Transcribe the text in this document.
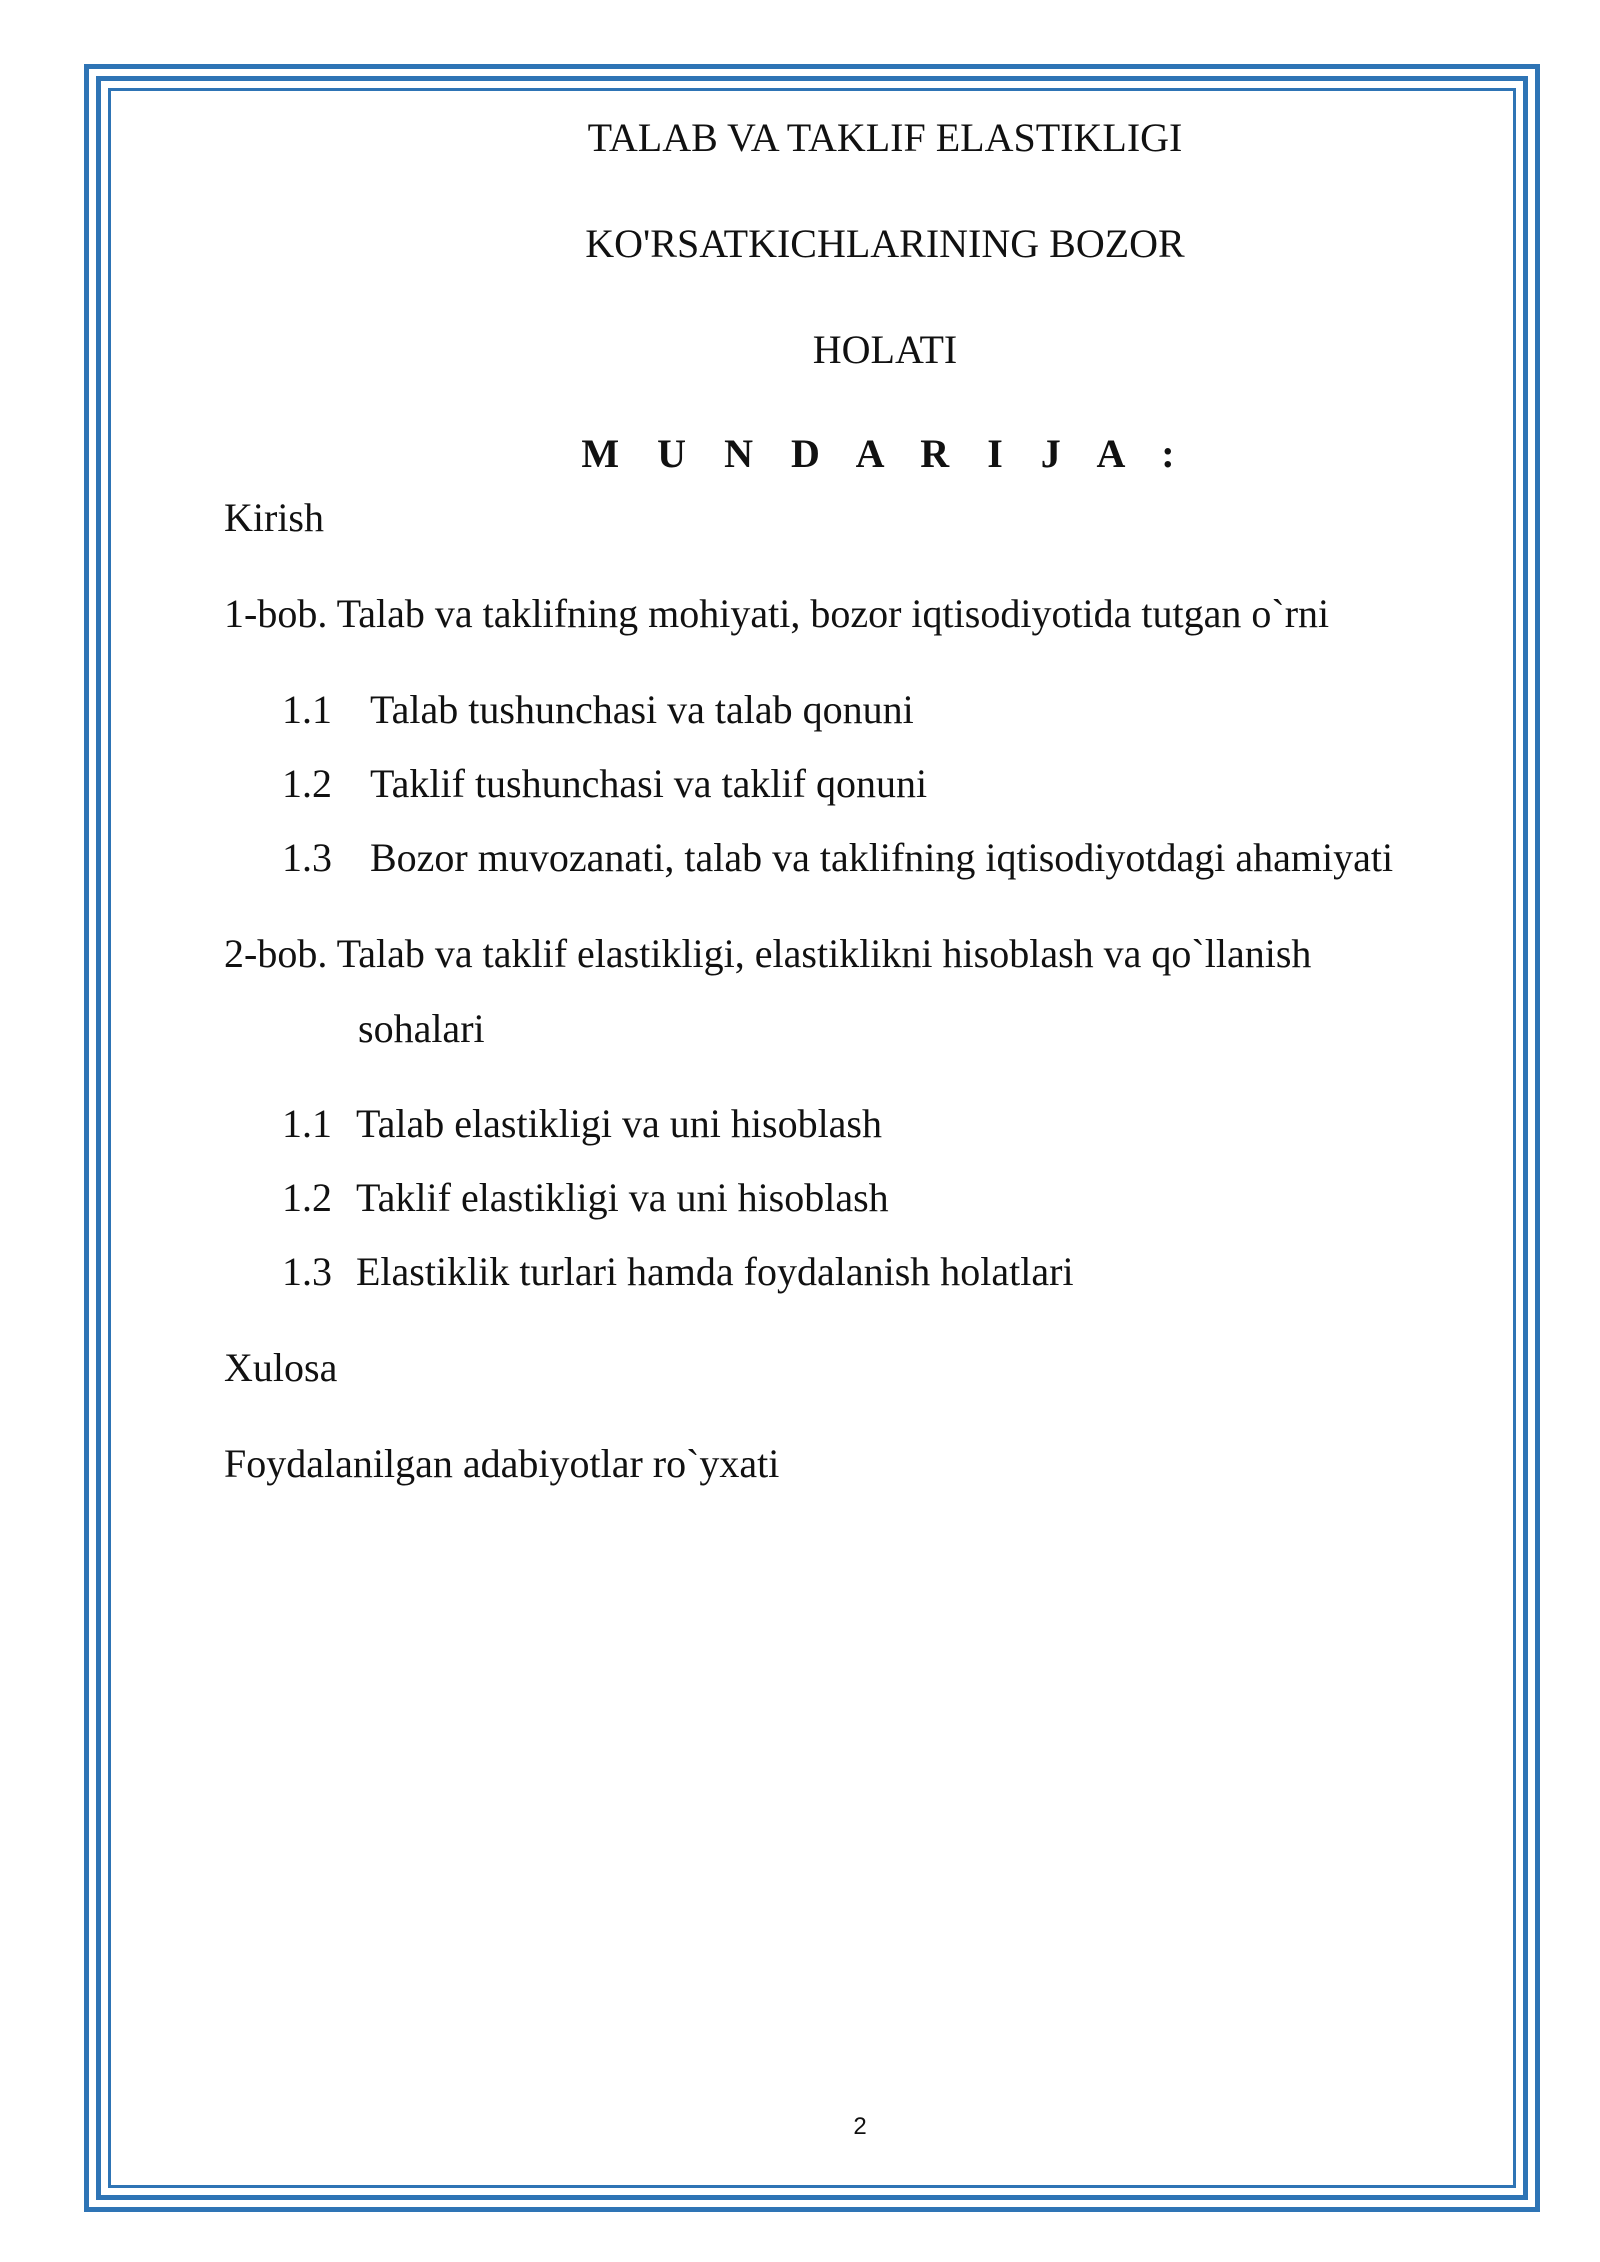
TALAB VA TAKLIF ELASTIKLIGI
KO'RSATKICHLARINING BOZOR
HOLATI
M U N D A R I J A :
Kirish
1-bob. Talab va taklifning mohiyati, bozor iqtisodiyotida tutgan o`rni
1.1 Talab tushunchasi va talab qonuni
1.2 Taklif tushunchasi va taklif qonuni
1.3 Bozor muvozanati, talab va taklifning iqtisodiyotdagi ahamiyati
2-bob. Talab va taklif elastikligi, elastiklikni hisoblash va qo`llanish
sohalari
1.1 Talab elastikligi va uni hisoblash
1.2 Taklif elastikligi va uni hisoblash
1.3 Elastiklik turlari hamda foydalanish holatlari
Xulosa
Foydalanilgan adabiyotlar ro`yxati
2
